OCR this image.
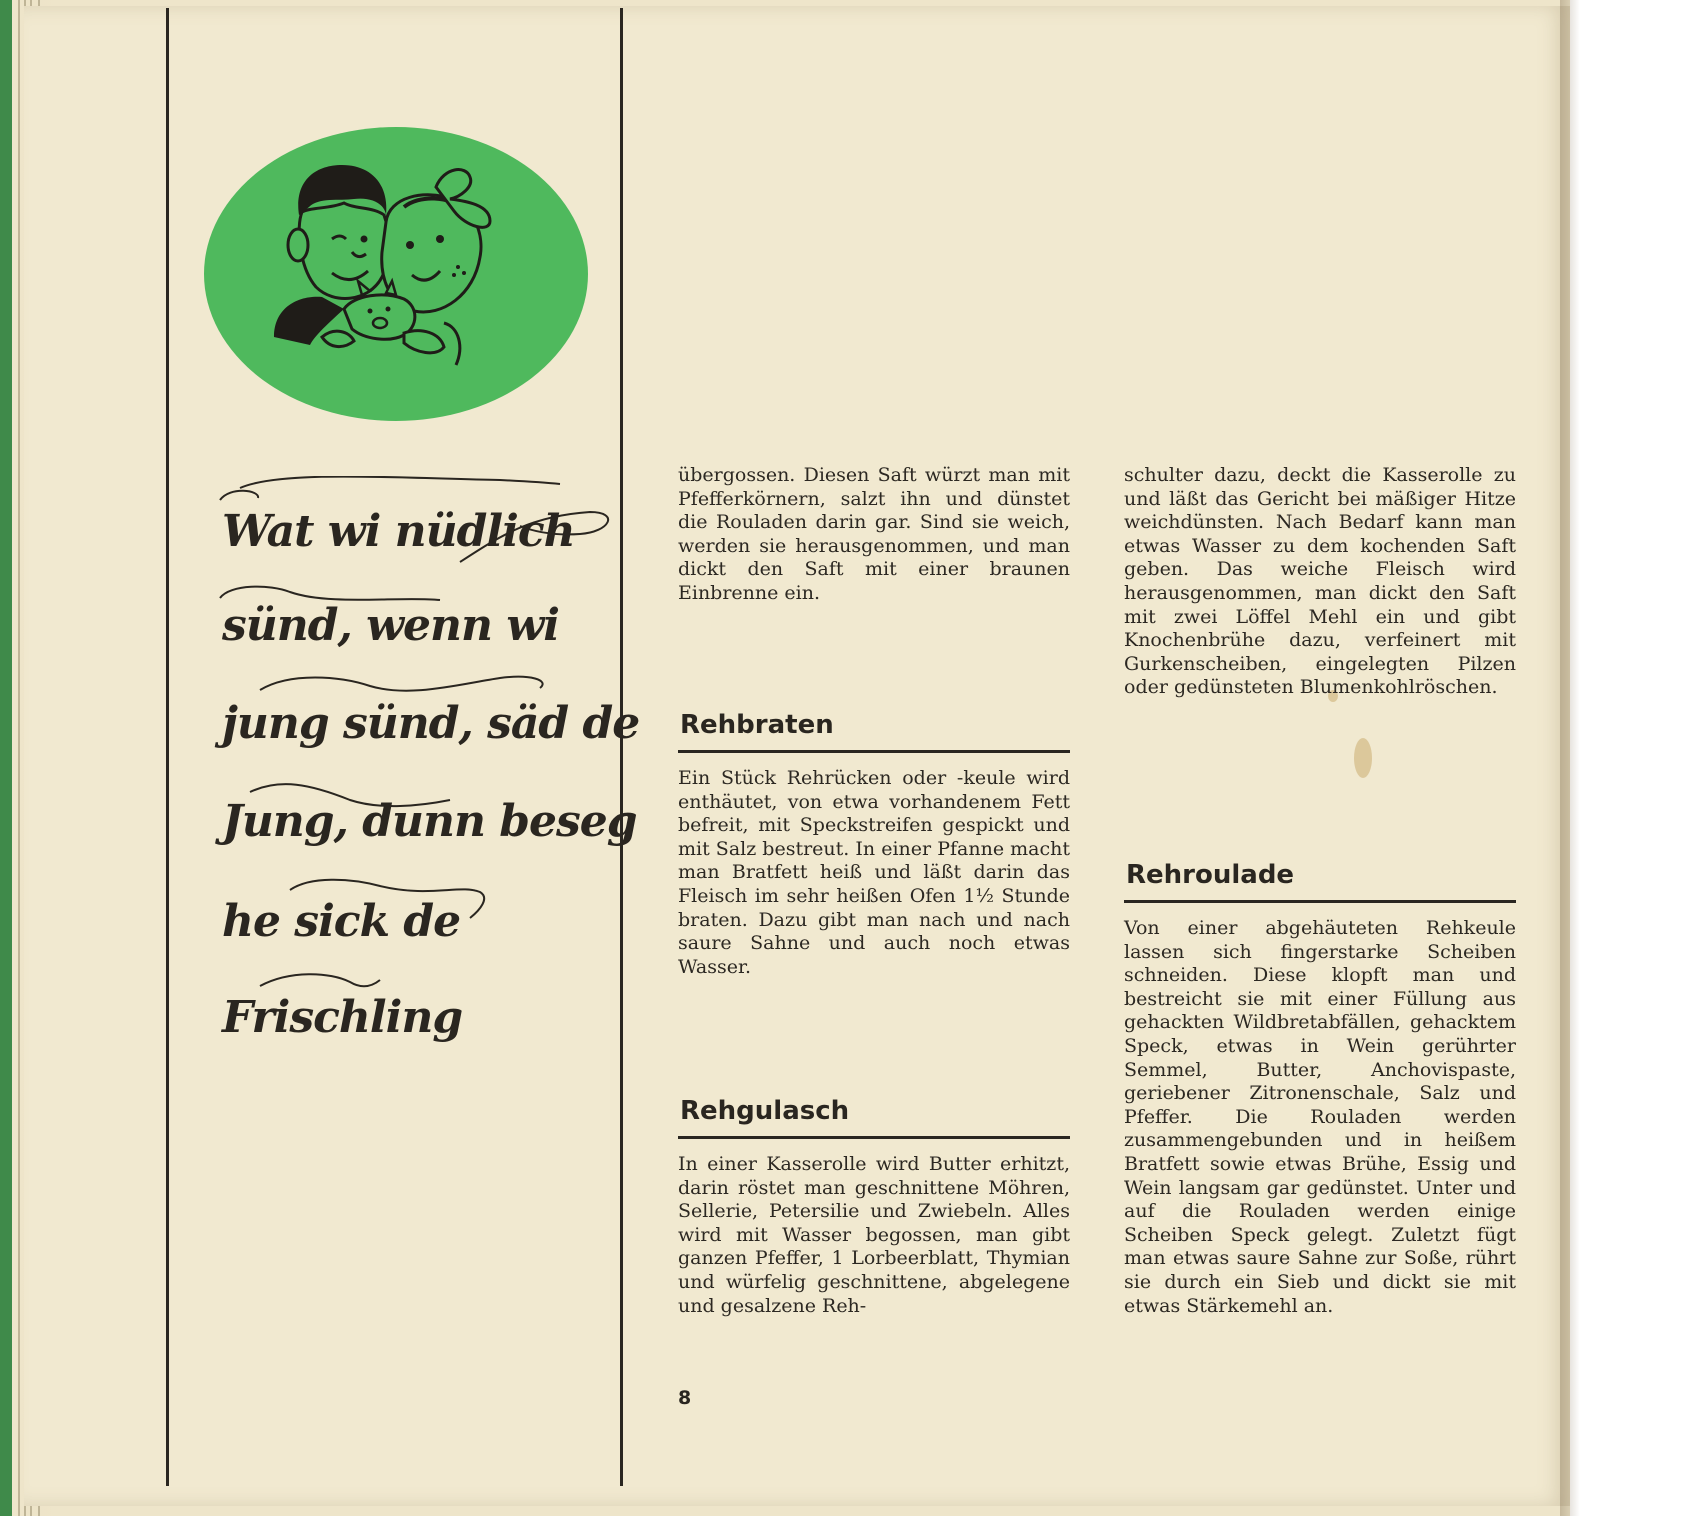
Wat wi nüdlich
sünd, wenn wi
jung sünd, säd de
Jung, dunn beseg
he sick de
Frischling

übergossen. Diesen Saft würzt man mit Pfefferkörnern, salzt ihn und dünstet die Rouladen darin gar. Sind sie weich, werden sie herausgenommen, und man dickt den Saft mit einer braunen Einbrenne ein.

Rehbraten

Ein Stück Rehrücken oder -keule wird enthäutet, von etwa vorhandenem Fett befreit, mit Speckstreifen gespickt und mit Salz bestreut. In einer Pfanne macht man Bratfett heiß und läßt darin das Fleisch im sehr heißen Ofen 1½ Stunde braten. Dazu gibt man nach und nach saure Sahne und auch noch etwas Wasser.

Rehgulasch

In einer Kasserolle wird Butter erhitzt, darin röstet man geschnittene Möhren, Sellerie, Petersilie und Zwiebeln. Alles wird mit Wasser begossen, man gibt ganzen Pfeffer, 1 Lorbeerblatt, Thymian und würfelig geschnittene, abgelegene und gesalzene Reh-

schulter dazu, deckt die Kasserolle zu und läßt das Gericht bei mäßiger Hitze weichdünsten. Nach Bedarf kann man etwas Wasser zu dem kochenden Saft geben. Das weiche Fleisch wird herausgenommen, man dickt den Saft mit zwei Löffel Mehl ein und gibt Knochenbrühe dazu, verfeinert mit Gurkenscheiben, eingelegten Pilzen oder gedünsteten Blumenkohlröschen.

Rehroulade

Von einer abgehäuteten Rehkeule lassen sich fingerstarke Scheiben schneiden. Diese klopft man und bestreicht sie mit einer Füllung aus gehackten Wildbretabfällen, gehacktem Speck, etwas in Wein gerührter Semmel, Butter, Anchovispaste, geriebener Zitronenschale, Salz und Pfeffer. Die Rouladen werden zusammengebunden und in heißem Bratfett sowie etwas Brühe, Essig und Wein langsam gar gedünstet. Unter und auf die Rouladen werden einige Scheiben Speck gelegt. Zuletzt fügt man etwas saure Sahne zur Soße, rührt sie durch ein Sieb und dickt sie mit etwas Stärkemehl an.

8
